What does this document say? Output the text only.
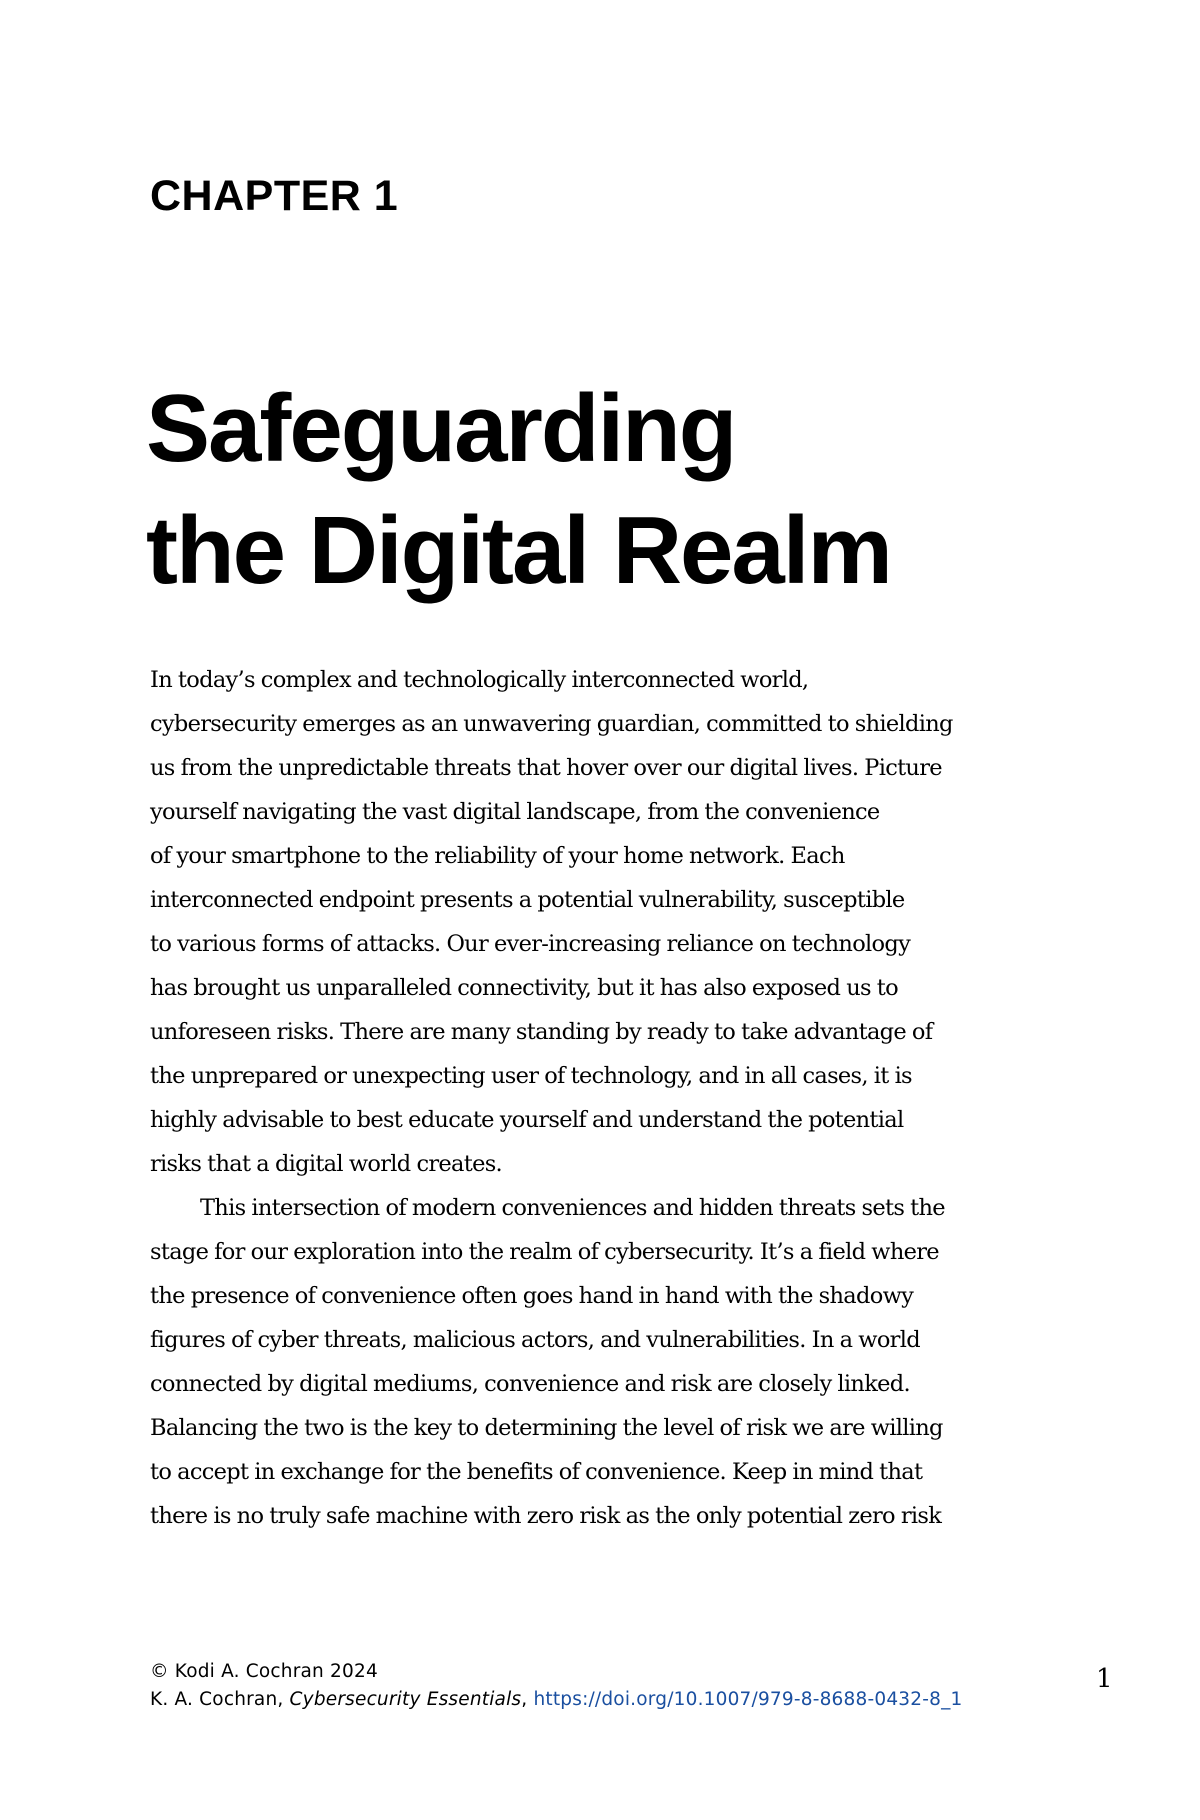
CHAPTER 1
Safeguarding
the Digital Realm
In today’s complex and technologically interconnected world,
cybersecurity emerges as an unwavering guardian, committed to shielding
us from the unpredictable threats that hover over our digital lives. Picture
yourself navigating the vast digital landscape, from the convenience
of your smartphone to the reliability of your home network. Each
interconnected endpoint presents a potential vulnerability, susceptible
to various forms of attacks. Our ever-increasing reliance on technology
has brought us unparalleled connectivity, but it has also exposed us to
unforeseen risks. There are many standing by ready to take advantage of
the unprepared or unexpecting user of technology, and in all cases, it is
highly advisable to best educate yourself and understand the potential
risks that a digital world creates.
This intersection of modern conveniences and hidden threats sets the
stage for our exploration into the realm of cybersecurity. It’s a field where
the presence of convenience often goes hand in hand with the shadowy
figures of cyber threats, malicious actors, and vulnerabilities. In a world
connected by digital mediums, convenience and risk are closely linked.
Balancing the two is the key to determining the level of risk we are willing
to accept in exchange for the benefits of convenience. Keep in mind that
there is no truly safe machine with zero risk as the only potential zero risk
© Kodi A. Cochran 2024
K. A. Cochran, Cybersecurity Essentials, https://doi.org/10.1007/979-8-8688-0432-8_1
1
